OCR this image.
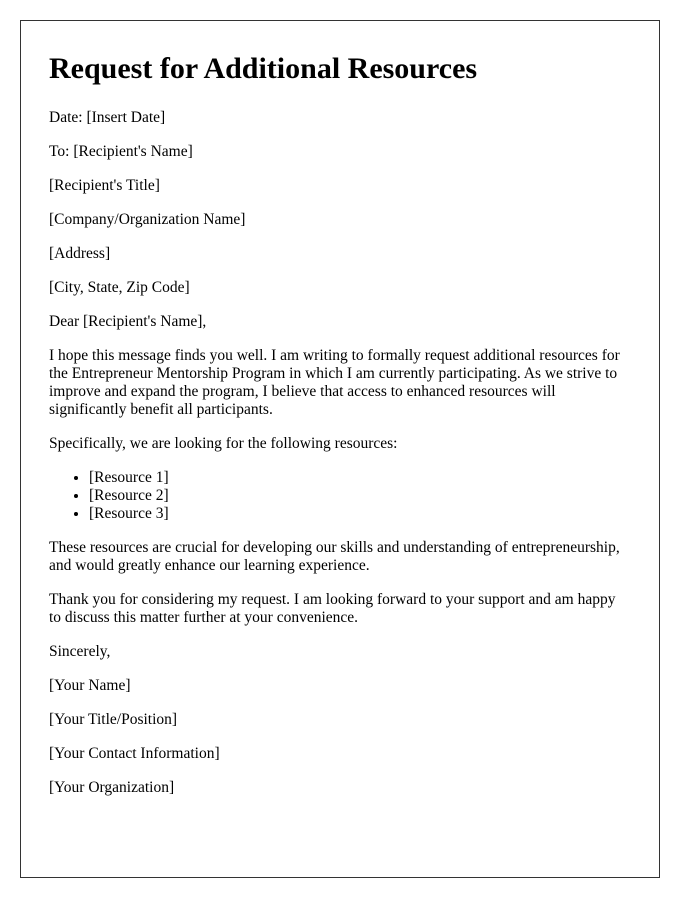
Request for Additional Resources

Date: [Insert Date]

To: [Recipient's Name]

[Recipient's Title]

[Company/Organization Name]

[Address]

[City, State, Zip Code]

Dear [Recipient's Name],

I hope this message finds you well. I am writing to formally request additional resources for the Entrepreneur Mentorship Program in which I am currently participating. As we strive to improve and expand the program, I believe that access to enhanced resources will significantly benefit all participants.

Specifically, we are looking for the following resources:

• [Resource 1]
• [Resource 2]
• [Resource 3]

These resources are crucial for developing our skills and understanding of entrepreneurship, and would greatly enhance our learning experience.

Thank you for considering my request. I am looking forward to your support and am happy to discuss this matter further at your convenience.

Sincerely,

[Your Name]

[Your Title/Position]

[Your Contact Information]

[Your Organization]
